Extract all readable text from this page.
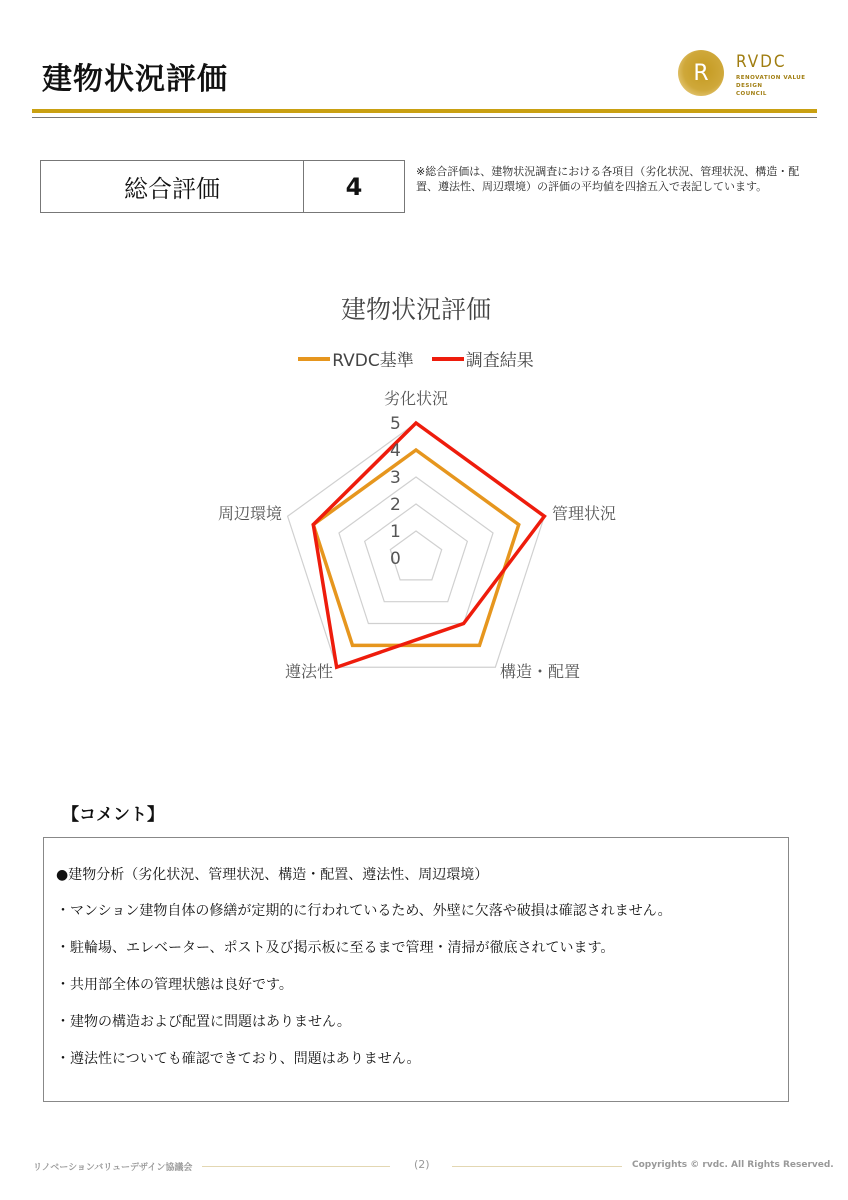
建物状況評価	R RVDC
RENOVATION VALUE DESIGN
COUNCIL
総合評価	4
※総合評価は、建物状況調査における各項目（劣化状況、管理状況、構造・配置、遵法性、周辺環境）の評価の平均値を四捨五入で表記しています。
建物状況評価
RVDC基準	調査結果
0
1
2
3
4
5
劣化状況
管理状況
構造・配置
遵法性
周辺環境
【コメント】
●建物分析（劣化状況、管理状況、構造・配置、遵法性、周辺環境）
・マンション建物自体の修繕が定期的に行われているため、外壁に欠落や破損は確認されません。
・駐輪場、エレベーター、ポスト及び掲示板に至るまで管理・清掃が徹底されています。
・共用部全体の管理状態は良好です。
・建物の構造および配置に問題はありません。
・遵法性についても確認できており、問題はありません。
リノベーションバリューデザイン協議会	(2)	Copyrights © rvdc. All Rights Reserved.
